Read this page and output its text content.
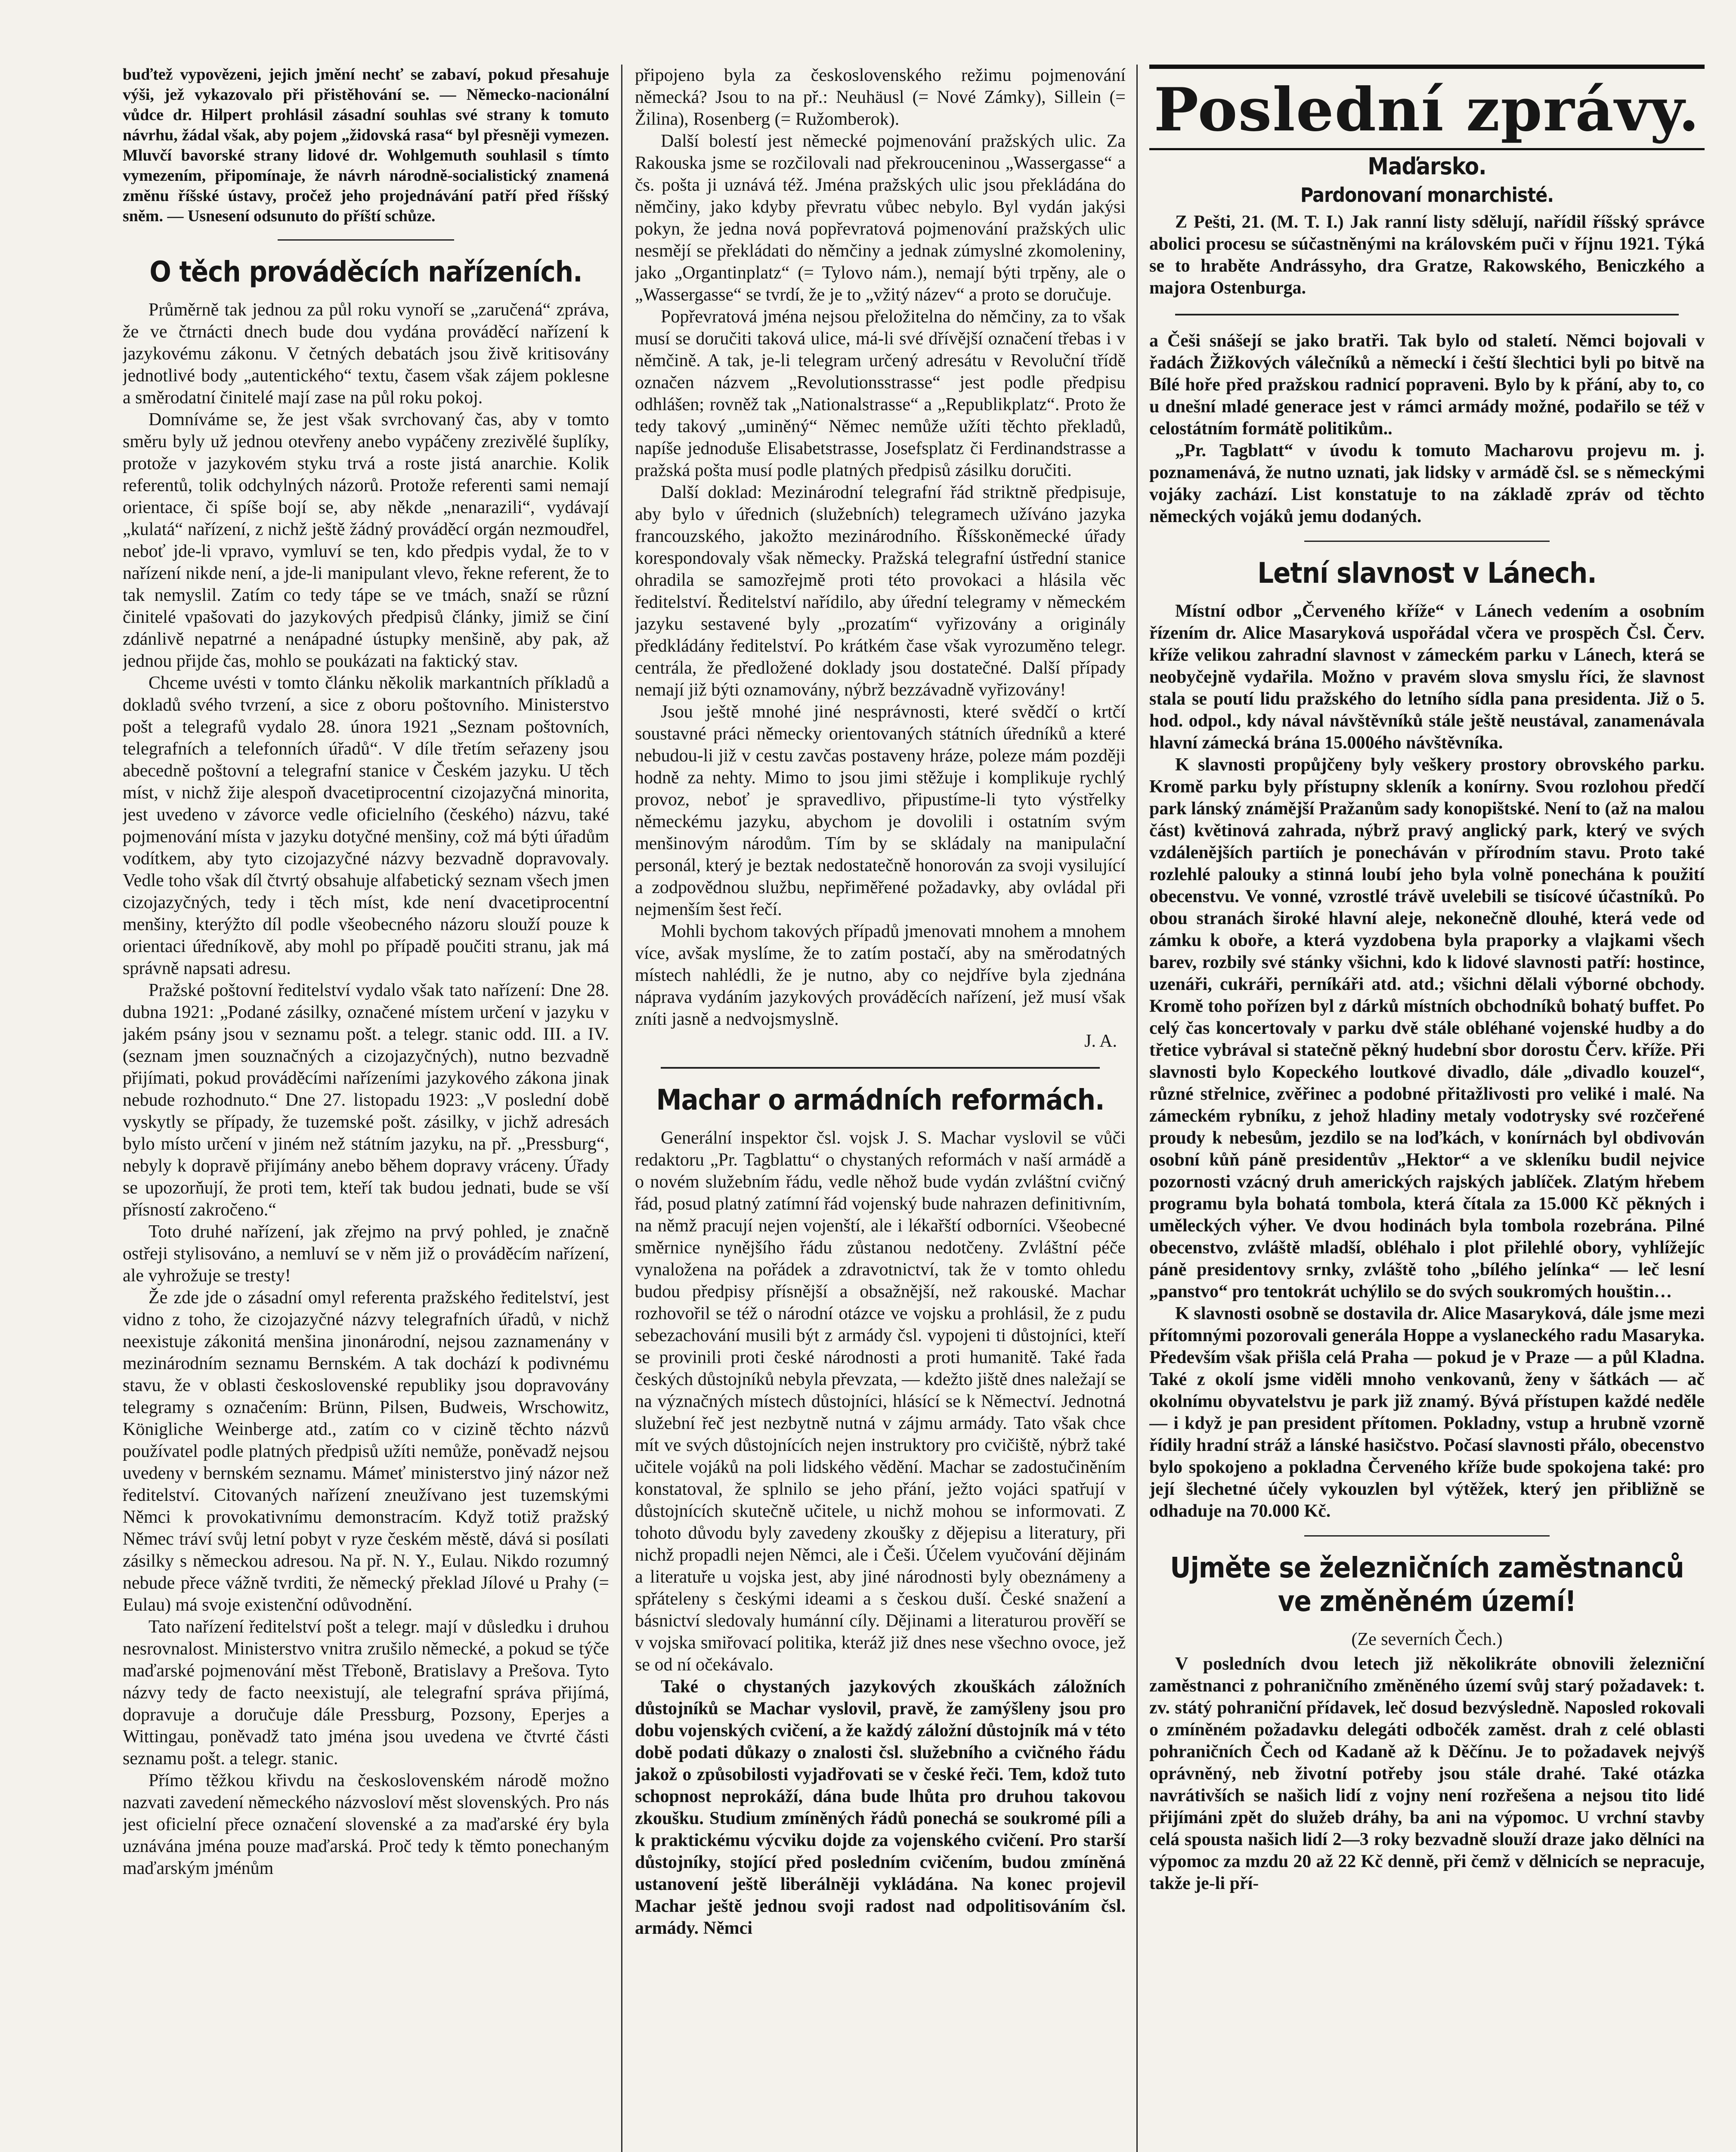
buďtež vypovězeni, jejich jmění nechť se zabaví, pokud přesahuje výši, jež vykazovalo při přistěhování se. — Německo-nacionální vůdce dr. Hilpert prohlásil zásadní souhlas své strany k tomuto návrhu, žádal však, aby pojem „židovská rasa“ byl přesněji vymezen. Mluvčí bavorské strany lidové dr. Wohlgemuth souhlasil s tímto vymezením, připomínaje, že návrh národně-socialistický znamená změnu říšské ústavy, pročež jeho projednávání patří před říšský sněm. — Usnesení odsunuto do příští schůze.

O těch prováděcích nařízeních.

Průměrně tak jednou za půl roku vynoří se „zaručená“ zpráva, že ve čtrnácti dnech bude dou vydána prováděcí nařízení k jazykovému zákonu. V četných debatách jsou živě kritisovány jednotlivé body „autentického“ textu, časem však zájem poklesne a směrodatní činitelé mají zase na půl roku pokoj.

Domníváme se, že jest však svrchovaný čas, aby v tomto směru byly už jednou otevřeny anebo vypáčeny zrezivělé šuplíky, protože v jazykovém styku trvá a roste jistá anarchie. Kolik referentů, tolik odchylných názorů. Protože referenti sami nemají orientace, či spíše bojí se, aby někde „nenarazili“, vydávají „kulatá“ nařízení, z nichž ještě žádný prováděcí orgán nezmoudřel, neboť jde-li vpravo, vymluví se ten, kdo předpis vydal, že to v nařízení nikde není, a jde-li manipulant vlevo, řekne referent, že to tak nemyslil. Zatím co tedy tápe se ve tmách, snaží se různí činitelé vpašovati do jazykových předpisů články, jimiž se činí zdánlivě nepatrné a nenápadné ústupky menšině, aby pak, až jednou přijde čas, mohlo se poukázati na faktický stav.

Chceme uvésti v tomto článku několik markantních příkladů a dokladů svého tvrzení, a sice z oboru poštovního. Ministerstvo pošt a telegrafů vydalo 28. února 1921 „Seznam poštovních, telegrafních a telefonních úřadů“. V díle třetím seřazeny jsou abecedně poštovní a telegrafní stanice v Českém jazyku. U těch míst, v nichž žije alespoň dvacetiprocentní cizojazyčná minorita, jest uvedeno v závorce vedle oficielního (českého) názvu, také pojmenování místa v jazyku dotyčné menšiny, což má býti úřadům vodítkem, aby tyto cizojazyčné názvy bezvadně dopravovaly. Vedle toho však díl čtvrtý obsahuje alfabetický seznam všech jmen cizojazyčných, tedy i těch míst, kde není dvacetiprocentní menšiny, kterýžto díl podle všeobecného názoru slouží pouze k orientaci úředníkově, aby mohl po případě poučiti stranu, jak má správně napsati adresu.

Pražské poštovní ředitelství vydalo však tato nařízení: Dne 28. dubna 1921: „Podané zásilky, označené místem určení v jazyku v jakém psány jsou v seznamu pošt. a telegr. stanic odd. III. a IV. (seznam jmen souznačných a cizojazyčných), nutno bezvadně přijímati, pokud prováděcími nařízeními jazykového zákona jinak nebude rozhodnuto.“ Dne 27. listopadu 1923: „V poslední době vyskytly se případy, že tuzemské pošt. zásilky, v jichž adresách bylo místo určení v jiném než státním jazyku, na př. „Pressburg“, nebyly k dopravě přijímány anebo během dopravy vráceny. Úřady se upozorňují, že proti tem, kteří tak budou jednati, bude se vší přísností zakročeno.“

Toto druhé nařízení, jak zřejmo na prvý pohled, je značně ostřeji stylisováno, a nemluví se v něm již o prováděcím nařízení, ale vyhrožuje se tresty!

Že zde jde o zásadní omyl referenta pražského ředitelství, jest vidno z toho, že cizojazyčné názvy telegrafních úřadů, v nichž neexistuje zákonitá menšina jinonárodní, nejsou zaznamenány v mezinárodním seznamu Bernském. A tak dochází k podivnému stavu, že v oblasti československé republiky jsou dopravovány telegramy s označením: Brünn, Pilsen, Budweis, Wrschowitz, Königliche Weinberge atd., zatím co v cizině těchto názvů používatel podle platných předpisů užíti nemůže, poněvadž nejsou uvedeny v bernském seznamu. Mámeť ministerstvo jiný názor než ředitelství. Citovaných nařízení zneužívano jest tuzemskými Němci k provokativnímu demonstracím. Když totiž pražský Němec tráví svůj letní pobyt v ryze českém městě, dává si posílati zásilky s německou adresou. Na př. N. Y., Eulau. Nikdo rozumný nebude přece vážně tvrditi, že německý překlad Jílové u Prahy (= Eulau) má svoje existenční odůvodnění.

Tato nařízení ředitelství pošt a telegr. mají v důsledku i druhou nesrovnalost. Ministerstvo vnitra zrušilo německé, a pokud se týče maďarské pojmenování měst Třeboně, Bratislavy a Prešova. Tyto názvy tedy de facto neexistují, ale telegrafní správa přijímá, dopravuje a doručuje dále Pressburg, Pozsony, Eperjes a Wittingau, poněvadž tato jména jsou uvedena ve čtvrté části seznamu pošt. a telegr. stanic.

Přímo těžkou křivdu na československém národě možno nazvati zavedení německého názvosloví měst slovenských. Pro nás jest oficielní přece označení slovenské a za maďarské éry byla uznávána jména pouze maďarská. Proč tedy k těmto ponechaným maďarským jménům

připojeno byla za československého režimu pojmenování německá? Jsou to na př.: Neuhäusl (= Nové Zámky), Sillein (= Žilina), Rosenberg (= Ružomberok).

Další bolestí jest německé pojmenování pražských ulic. Za Rakouska jsme se rozčilovali nad překrouceninou „Wassergasse“ a čs. pošta ji uznává též. Jména pražských ulic jsou překládána do němčiny, jako kdyby převratu vůbec nebylo. Byl vydán jakýsi pokyn, že jedna nová popřevratová pojmenování pražských ulic nesmějí se překládati do němčiny a jednak zúmyslné zkomoleniny, jako „Organtinplatz“ (= Tylovo nám.), nemají býti trpěny, ale o „Wassergasse“ se tvrdí, že je to „vžitý název“ a proto se doručuje.

Popřevratová jména nejsou přeložitelna do němčiny, za to však musí se doručiti taková ulice, má-li své dřívější označení třebas i v němčině. A tak, je-li telegram určený adresátu v Revoluční třídě označen názvem „Revolutionsstrasse“ jest podle předpisu odhlášen; rovněž tak „Nationalstrasse“ a „Republikplatz“. Proto že tedy takový „uminěný“ Němec nemůže užíti těchto překladů, napíše jednoduše Elisabetstrasse, Josefsplatz či Ferdinandstrasse a pražská pošta musí podle platných předpisů zásilku doručiti.

Další doklad: Mezinárodní telegrafní řád striktně předpisuje, aby bylo v úřednich (služebních) telegramech užíváno jazyka francouzského, jakožto mezinárodního. Říšskoněmecké úřady korespondovaly však německy. Pražská telegrafní ústřední stanice ohradila se samozřejmě proti této provokaci a hlásila věc ředitelství. Ředitelství nařídilo, aby úřední telegramy v německém jazyku sestavené byly „prozatím“ vyřizovány a originály předkládány ředitelství. Po krátkém čase však vyrozuměno telegr. centrála, že předložené doklady jsou dostatečné. Další případy nemají již býti oznamovány, nýbrž bezzávadně vyřizovány!

Jsou ještě mnohé jiné nesprávnosti, které svědčí o krtčí soustavné práci německy orientovaných státních úředníků a které nebudou-li již v cestu zavčas postaveny hráze, poleze mám později hodně za nehty. Mimo to jsou jimi stěžuje i komplikuje rychlý provoz, neboť je spravedlivo, připustíme-li tyto výstřelky německému jazyku, abychom je dovolili i ostatním svým menšinovým národům. Tím by se skládaly na manipulační personál, který je beztak nedostatečně honorován za svoji vysilující a zodpovědnou službu, nepřiměřené požadavky, aby ovládal při nejmenším šest řečí.

Mohli bychom takových případů jmenovati mnohem a mnohem více, avšak myslíme, že to zatím postačí, aby na směrodatných místech nahlédli, že je nutno, aby co nejdříve byla zjednána náprava vydáním jazykových prováděcích nařízení, jež musí však zníti jasně a nedvojsmyslně.

J. A.

Machar o armádních reformách.

Generální inspektor čsl. vojsk J. S. Machar vyslovil se vůči redaktoru „Pr. Tagblattu“ o chystaných reformách v naší armádě a o novém služebním řádu, vedle něhož bude vydán zvláštní cvičný řád, posud platný zatímní řád vojenský bude nahrazen definitivním, na němž pracují nejen vojenští, ale i lékařští odborníci. Všeobecné směrnice nynějšího řádu zůstanou nedotčeny. Zvláštní péče vynaložena na pořádek a zdravotnictví, tak že v tomto ohledu budou předpisy přísnější a obsažnější, než rakouské. Machar rozhovořil se též o národní otázce ve vojsku a prohlásil, že z pudu sebezachování musili být z armády čsl. vypojeni ti důstojníci, kteří se provinili proti české národnosti a proti humanitě. Také řada českých důstojníků nebyla převzata, — kdežto jiště dnes naležají se na význačných místech důstojníci, hlásící se k Němectví. Jednotná služební řeč jest nezbytně nutná v zájmu armády. Tato však chce mít ve svých důstojnících nejen instruktory pro cvičiště, nýbrž také učitele vojáků na poli lidského vědění. Machar se zadostučiněním konstatoval, že splnilo se jeho přání, ježto vojáci spatřují v důstojnících skutečně učitele, u nichž mohou se informovati. Z tohoto důvodu byly zavedeny zkoušky z dějepisu a literatury, při nichž propadli nejen Němci, ale i Češi. Účelem vyučování dějinám a literatuře u vojska jest, aby jiné národnosti byly obeznámeny a spřáteleny s českými ideami a s českou duší. České snažení a básnictví sledovaly humánní cíly. Dějinami a literaturou prověří se v vojska smiřovací politika, kteráž již dnes nese všechno ovoce, jež se od ní očekávalo.

Také o chystaných jazykových zkouškách záložních důstojníků se Machar vyslovil, pravě, že zamýšleny jsou pro dobu vojenských cvičení, a že každý záložní důstojník má v této době podati důkazy o znalosti čsl. služebního a cvičného řádu jakož o způsobilosti vyjadřovati se v české řeči. Tem, kdož tuto schopnost neprokáží, dána bude lhůta pro druhou takovou zkoušku. Studium zmíněných řádů ponechá se soukromé píli a k praktickému výcviku dojde za vojenského cvičení. Pro starší důstojníky, stojící před posledním cvičením, budou zmíněná ustanovení ještě liberálněji vykládána. Na konec projevil Machar ještě jednou svoji radost nad odpolitisováním čsl. armády. Němci

Poslední zprávy.
Maďarsko.
Pardonovaní monarchisté.

Z Pešti, 21. (M. T. I.) Jak ranní listy sdělují, nařídil říšský správce abolici procesu se súčastněnými na královském puči v říjnu 1921. Týká se to hraběte Andrássyho, dra Gratze, Rakowského, Beniczkého a majora Ostenburga.

a Češi snášejí se jako bratři. Tak bylo od staletí. Němci bojovali v řadách Žižkových válečníků a německí i čeští šlechtici byli po bitvě na Bílé hoře před pražskou radnicí popraveni. Bylo by k přání, aby to, co u dnešní mladé generace jest v rámci armády možné, podařilo se též v celostátním formátě politikům..

„Pr. Tagblatt“ v úvodu k tomuto Macharovu projevu m. j. poznamenává, že nutno uznati, jak lidsky v armádě čsl. se s německými vojáky zachází. List konstatuje to na základě zpráv od těchto německých vojáků jemu dodaných.

Letní slavnost v Lánech.

Místní odbor „Červeného kříže“ v Lánech vedením a osobním řízením dr. Alice Masaryková uspořádal včera ve prospěch Čsl. Červ. kříže velikou zahradní slavnost v zámeckém parku v Lánech, která se neobyčejně vydařila. Možno v pravém slova smyslu říci, že slavnost stala se poutí lidu pražského do letního sídla pana presidenta. Již o 5. hod. odpol., kdy nával návštěvníků stále ještě neustával, zanamenávala hlavní zámecká brána 15.000ého návštěvníka.

K slavnosti propůjčeny byly veškery prostory obrovského parku. Kromě parku byly přístupny skleník a konírny. Svou rozlohou předčí park lánský známější Pražanům sady konopištské. Není to (až na malou část) květinová zahrada, nýbrž pravý anglický park, který ve svých vzdálenějších partiích je ponecháván v přírodním stavu. Proto také rozlehlé palouky a stinná loubí jeho byla volně ponechána k použití obecenstvu. Ve vonné, vzrostlé trávě uvelebili se tisícové účastníků. Po obou stranách široké hlavní aleje, nekonečně dlouhé, která vede od zámku k oboře, a která vyzdobena byla praporky a vlajkami všech barev, rozbily své stánky všichni, kdo k lidové slavnosti patří: hostince, uzenáři, cukráři, perníkáři atd. atd.; všichni dělali výborné obchody. Kromě toho pořízen byl z dárků místních obchodníků bohatý buffet. Po celý čas koncertovaly v parku dvě stále obléhané vojenské hudby a do třetice vybrával si statečně pěkný hudební sbor dorostu Červ. kříže. Při slavnosti bylo Kopeckého loutkové divadlo, dále „divadlo kouzel“, různé střelnice, zvěřinec a podobné přitažlivosti pro veliké i malé. Na zámeckém rybníku, z jehož hladiny metaly vodotrysky své rozčeřené proudy k nebesům, jezdilo se na loďkách, v konírnách byl obdivován osobní kůň páně presidentův „Hektor“ a ve skleníku budil nejvice pozornosti vzácný druh amerických rajských jablíček. Zlatým hřebem programu byla bohatá tombola, která čítala za 15.000 Kč pěkných i uměleckých výher. Ve dvou hodinách byla tombola rozebrána. Pilné obecenstvo, zvláště mladší, obléhalo i plot přilehlé obory, vyhlížejíc páně presidentovy srnky, zvláště toho „bílého jelínka“ — leč lesní „panstvo“ pro tentokrát uchýlilo se do svých soukromých houštin…

K slavnosti osobně se dostavila dr. Alice Masaryková, dále jsme mezi přítomnými pozorovali generála Hoppe a vyslaneckého radu Masaryka. Především však přišla celá Praha — pokud je v Praze — a půl Kladna. Také z okolí jsme viděli mnoho venkovanů, ženy v šátkách — ač okolnímu obyvatelstvu je park již znamý. Bývá přístupen každé neděle — i když je pan president přítomen. Pokladny, vstup a hrubně vzorně řídily hradní stráž a lánské hasičstvo. Počasí slavnosti přálo, obecenstvo bylo spokojeno a pokladna Červeného kříže bude spokojena také: pro její šlechetné účely vykouzlen byl výtěžek, který jen přibližně se odhaduje na 70.000 Kč.

Ujměte se železničních zaměstnanců ve změněném území!

(Ze severních Čech.)

V posledních dvou letech již několikráte obnovili železniční zaměstnanci z pohraničního změněného území svůj starý požadavek: t. zv. státý pohraniční přídavek, leč dosud bezvýsledně. Naposled rokovali o zmíněném požadavku delegáti odbočék zaměst. drah z celé oblasti pohraničních Čech od Kadaně až k Děčínu. Je to požadavek nejvýš oprávněný, neb životní potřeby jsou stále drahé. Také otázka navrátivších se našich lidí z vojny není rozřešena a nejsou tito lidé přijímáni zpět do služeb dráhy, ba ani na výpomoc. U vrchní stavby celá spousta našich lidí 2—3 roky bezvadně slouží draze jako dělníci na výpomoc za mzdu 20 až 22 Kč denně, při čemž v dělnicích se nepracuje, takže je-li pří-
